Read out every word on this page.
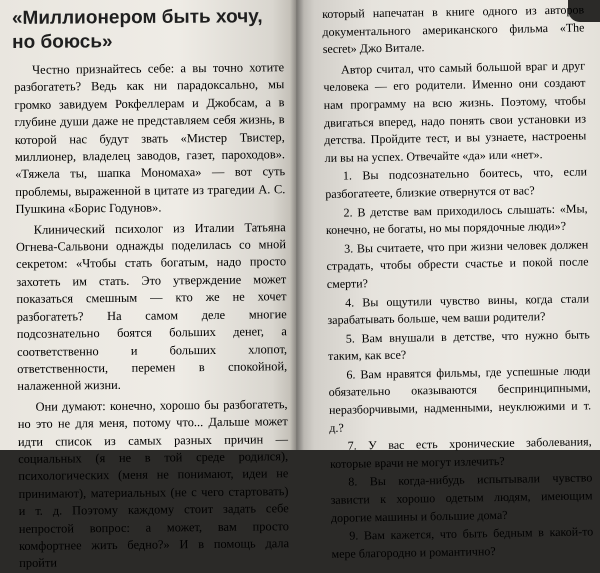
«Миллионером быть хочу,
но боюсь»

Честно признайтесь себе: а вы точно хотите разбогатеть? Ведь как ни парадоксально, мы громко завидуем Рокфеллерам и Джобсам, а в глубине души даже не представляем себя жизнь, в которой нас будут звать «Мистер Твистер, миллионер, владелец заводов, газет, пароходов». «Тяжела ты, шапка Мономаха» — вот суть проблемы, выраженной в цитате из трагедии А. С. Пушкина «Борис Годунов».

Клинический психолог из Италии Татьяна Огнева-Сальвони однажды поделилась со мной секретом: «Чтобы стать богатым, надо просто захотеть им стать. Это утверждение может показаться смешным — кто же не хочет разбогатеть? На самом деле многие подсознательно боятся больших денег, а соответственно и больших хлопот, ответственности, перемен в спокойной, налаженной жизни.

Они думают: конечно, хорошо бы разбогатеть, но это не для меня, потому что... Дальше может идти список из самых разных причин — социальных (я не в той среде родился), психологических (меня не понимают, идеи не принимают), материальных (не с чего стартовать) и т. д. Поэтому каждому стоит задать себе непростой вопрос: а может, вам просто комфортнее жить бедно?» И в помощь дала пройти

который напечатан в книге одного из авторов документального американского фильма «The secret» Джо Витале.

Автор считал, что самый большой враг и друг человека — его родители. Именно они создают нам программу на всю жизнь. Поэтому, чтобы двигаться вперед, надо понять свои установки из детства. Пройдите тест, и вы узнаете, настроены ли вы на успех. Отвечайте «да» или «нет».

1. Вы подсознательно боитесь, что, если разбогатеете, близкие отвернутся от вас?

2. В детстве вам приходилось слышать: «Мы, конечно, не богаты, но мы порядочные люди»?

3. Вы считаете, что при жизни человек должен страдать, чтобы обрести счастье и покой после смерти?

4. Вы ощутили чувство вины, когда стали зарабатывать больше, чем ваши родители?

5. Вам внушали в детстве, что нужно быть таким, как все?

6. Вам нравятся фильмы, где успешные люди обязательно оказываются беспринципными, неразборчивыми, надменными, неуклюжими и т. д.?

7. У вас есть хронические заболевания, которые врачи не могут излечить?

8. Вы когда-нибудь испытывали чувство зависти к хорошо одетым людям, имеющим дорогие машины и большие дома?

9. Вам кажется, что быть бедным в какой-то мере благородно и романтично?
